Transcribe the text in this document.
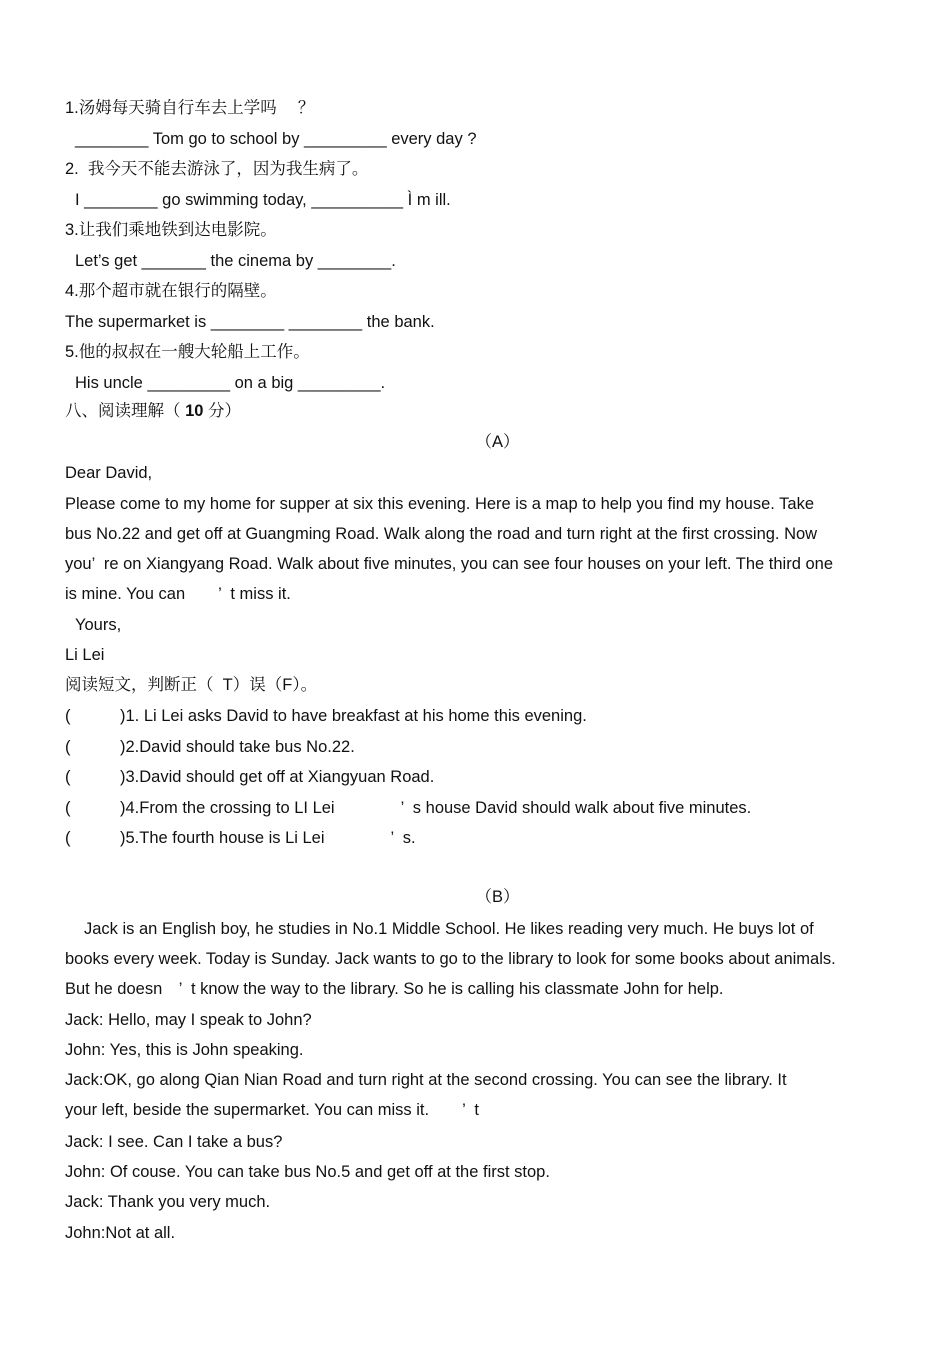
1.汤姆每天骑自行车去上学吗　 ？
________ Tom go to school by _________ every day ?
2.  我今天不能去游泳了，因为我生病了。
I ________ go swimming today, __________ Ì m ill.
3.让我们乘地铁到达电影院。
Let’s get _______ the cinema by ________.
4.那个超市就在银行的隔壁。
The supermarket is ________ ________ the bank.
5.他的叔叔在一艘大轮船上工作。
His uncle _________ on a big _________.
八、阅读理解（ 10 分）
（A）
Dear David,
Please come to my home for supper at six this evening. Here is a map to help you find my house. Take
bus No.22 and get off at Guangming Road. Walk along the road and turn right at the first crossing. Now
you’  re on Xiangyang Road. Walk about five minutes, you can see four houses on your left. The third one
is mine. You can　　’  t miss it.
Yours,
Li Lei
阅读短文，判断正（  T）误（F）。
(　　　)1. Li Lei asks David to have breakfast at his home this evening.
(　　　)2.David should take bus No.22.
(　　　)3.David should get off at Xiangyuan Road.
(　　　)4.From the crossing to LI Lei　　　　’  s house David should walk about five minutes.
(　　　)5.The fourth house is Li Lei　　　　’  s.
（B）
Jack is an English boy, he studies in No.1 Middle School. He likes reading very much. He buys lot of
books every week. Today is Sunday. Jack wants to go to the library to look for some books about animals.
But he doesn　’  t know the way to the library. So he is calling his classmate John for help.
Jack: Hello, may I speak to John?
John: Yes, this is John speaking.
Jack:OK, go along Qian Nian Road and turn right at the second crossing. You can see the library. It
your left, beside the supermarket. You can miss it.　　’  t
Jack: I see. Can I take a bus?
John: Of couse. You can take bus No.5 and get off at the first stop.
Jack: Thank you very much.
John:Not at all.
